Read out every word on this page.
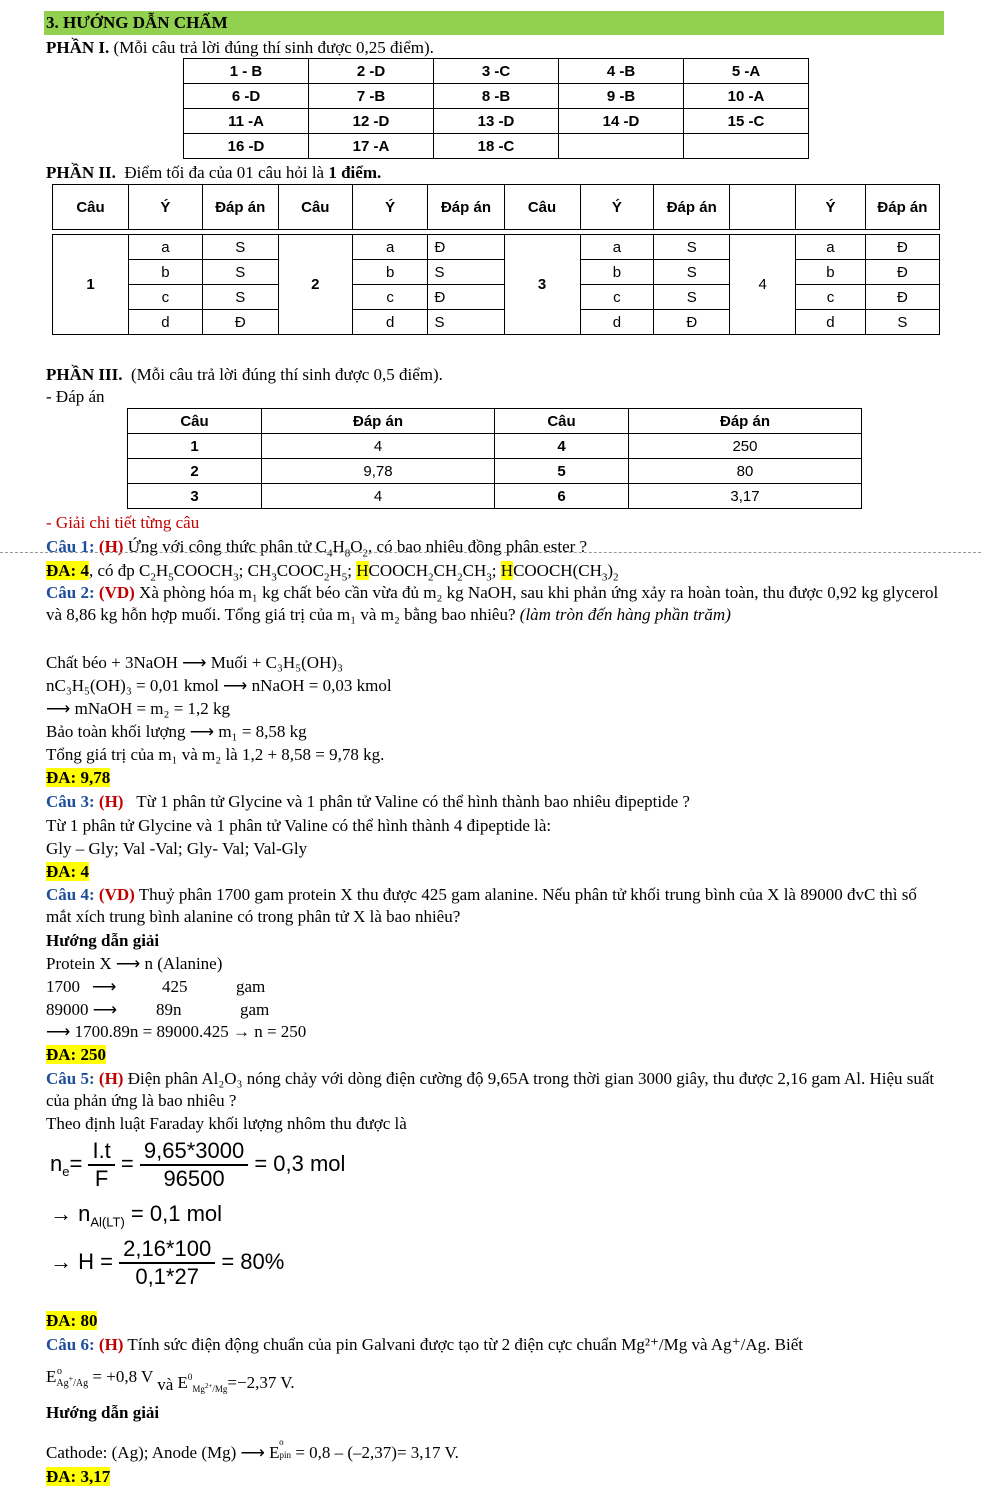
3. HƯỚNG DẪN CHẤM
PHẦN I. (Mỗi câu trả lời đúng thí sinh được 0,25 điểm).
1 - B	2 -D	3 -C	4 -B	5 -A
6 -D	7 -B	8 -B	9 -B	10 -A
11 -A	12 -D	13 -D	14 -D	15 -C
16 -D	17 -A	18 -C		
PHẦN II. Điểm tối đa của 01 câu hỏi là 1 điểm.
Câu	Ý	Đáp án	Câu	Ý	Đáp án	Câu	Ý	Đáp án		Ý	Đáp án

1	a	S	2	a	Đ	3	a	S	4	a	Đ
	b	S		b	S		b	S		b	Đ
	c	S		c	Đ		c	S		c	Đ
	d	Đ		d	S		d	Đ		d	S
PHẦN III. (Mỗi câu trả lời đúng thí sinh được 0,5 điểm).
- Đáp án
Câu	Đáp án	Câu	Đáp án
1	4	4	250
2	9,78	5	80
3	4	6	3,17
- Giải chi tiết từng câu
Câu 1: (H) Ứng với công thức phân tử $C_4H_8O_2$, có bao nhiêu đồng phân ester ?
ĐA: 4, có đp $C_2H_5COOCH_3$; $CH_3COOC_2H_5$; $HCOOCH_2CH_2CH_3$; $HCOOCH(CH_3)_2$
Câu 2: (VD) Xà phòng hóa m₁ kg chất béo cần vừa đủ m₂ kg NaOH, sau khi phản ứng xảy ra hoàn toàn, thu được 0,92 kg glycerol và 8,86 kg hỗn hợp muối. Tổng giá trị của m₁ và m₂ bằng bao nhiêu? (làm tròn đến hàng phần trăm)
Chất béo + 3NaOH ⟶ Muối + C₃H₅(OH)₃
nC₃H₅(OH)₃ = 0,01 kmol ⟶ nNaOH = 0,03 kmol
⟶ mNaOH = m₂ = 1,2 kg
Bảo toàn khối lượng ⟶ m₁ = 8,58 kg
Tổng giá trị của m₁ và m₂ là 1,2 + 8,58 = 9,78 kg.
ĐA: 9,78
Câu 3: (H) Từ 1 phân tử Glycine và 1 phân tử Valine có thể hình thành bao nhiêu đipeptide ?
Từ 1 phân tử Glycine và 1 phân tử Valine có thể hình thành 4 đipeptide là:
Gly – Gly; Val -Val; Gly- Val; Val-Gly
ĐA: 4
Câu 4: (VD) Thuỷ phân 1700 gam protein X thu được 425 gam alanine. Nếu phân tử khối trung bình của X là 89000 đvC thì số mắt xích trung bình alanine có trong phân tử X là bao nhiêu?
Hướng dẫn giải
Protein X ⟶ n (Alanine)
1700 ⟶	425	gam
89000 ⟶ 89n	gam
⟶ 1700.89n = 89000.425 → n = 250
ĐA: 250
Câu 5: (H) Điện phân Al₂O₃ nóng chảy với dòng điện cường độ 9,65A trong thời gian 3000 giây, thu được 2,16 gam Al. Hiệu suất của phản ứng là bao nhiêu ?
Theo định luật Faraday khối lượng nhôm thu được là
$n_e= \frac{I.t}{F} = \frac{9,65*3000}{96500} = 0,3$ mol
→ $n_{Al(LT)} = 0,1$ mol
→ $H = \frac{2,16*100}{0,1*27} = 80\%$
ĐA: 80
Câu 6: (H) Tính sức điện động chuẩn của pin Galvani được tạo từ 2 điện cực chuẩn Mg²⁺/Mg và Ag⁺/Ag. Biết
E o
$_{Ag^+/Ag}$ = +0,8 V và $E^0_{Mg^{2+}/Mg}=-2,37$ V.
Hướng dẫn giải
Cathode: (Ag); Anode (Mg) ⟶ E
o
$_{pin}$ = 0,8 – (–2,37)= 3,17 V.
ĐA: 3,17
